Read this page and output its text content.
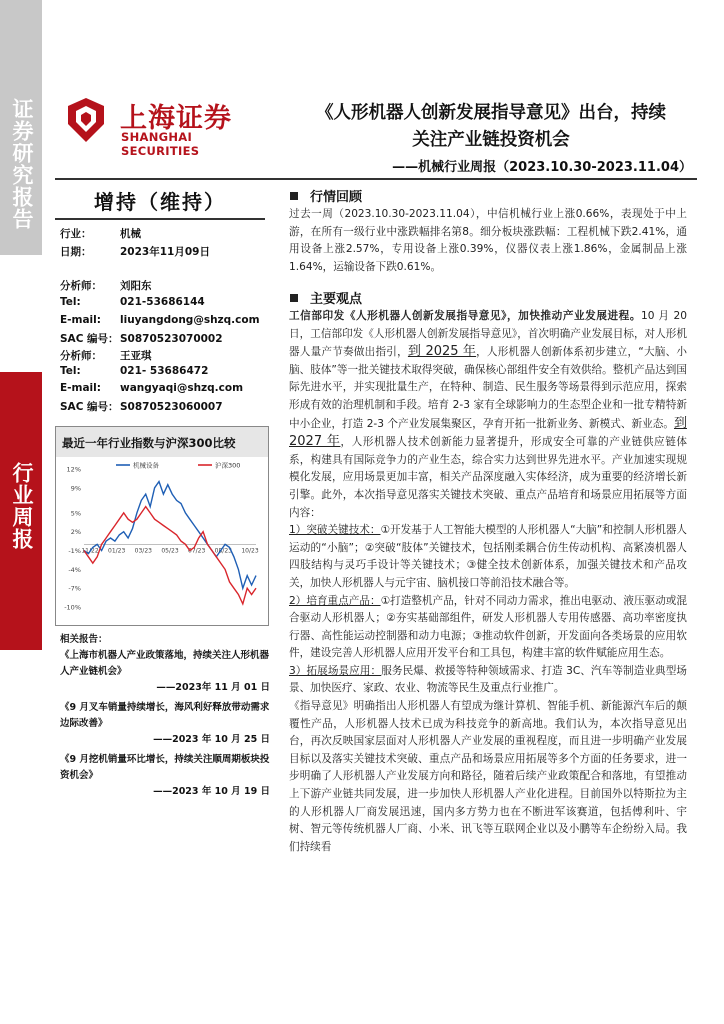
证券研究报告
行业周报
上海证券
SHANGHAI SECURITIES
《人形机器人创新发展指导意见》出台，持续
关注产业链投资机会
——机械行业周报（2023.10.30-2023.11.04）
增持（维持）
行业：	机械
日期：	2023年11月09日
分析师： 刘阳东
Tel:	021-53686144
E-mail: liuyangdong@shzq.com
SAC 编号：S0870523070002
分析师： 王亚琪
Tel:	021- 53686472
E-mail: wangyaqi@shzq.com
SAC 编号：S0870523060007
最近一年行业指数与沪深300比较
12%
9%
5%
2%
-1%
-4%
-7%
-10%
11/22 01/23 03/23 05/23 07/23 08/23 10/23
机械设备	沪深300
相关报告：
《上海市机器人产业政策落地，持续关注人形机器人产业链机会》
——2023年 11 月 01 日
《9 月叉车销量持续增长，海风利好释放带动需求边际改善》
——2023 年 10 月 25 日
《9 月挖机销量环比增长，持续关注顺周期板块投资机会》
——2023 年 10 月 19 日
行情回顾
过去一周（2023.10.30-2023.11.04），中信机械行业上涨0.66%，表现处于中上游，在所有一级行业中涨跌幅排名第8。细分板块涨跌幅：工程机械下跌2.41%，通用设备上涨2.57%，专用设备上涨0.39%，仪器仪表上涨1.86%，金属制品上涨1.64%，运输设备下跌0.61%。
主要观点

工信部印发《人形机器人创新发展指导意见》，加快推动产业发展进程。10 月 20 日，工信部印发《人形机器人创新发展指导意见》，首次明确产业发展目标，对人形机器人量产节奏做出指引，到 2025 年，人形机器人创新体系初步建立，“大脑、小脑、肢体”等一批关键技术取得突破，确保核心部组件安全有效供给。整机产品达到国际先进水平，并实现批量生产，在特种、制造、民生服务等场景得到示范应用，探索形成有效的治理机制和手段。培育 2-3 家有全球影响力的生态型企业和一批专精特新中小企业，打造 2-3 个产业发展集聚区，孕育开拓一批新业务、新模式、新业态。到 2027 年，人形机器人技术创新能力显著提升，形成安全可靠的产业链供应链体系，构建具有国际竞争力的产业生态，综合实力达到世界先进水平。产业加速实现规模化发展，应用场景更加丰富，相关产品深度融入实体经济，成为重要的经济增长新引擎。此外，本次指导意见落实关键技术突破、重点产品培育和场景应用拓展等方面内容：

1）突破关键技术：①开发基于人工智能大模型的人形机器人“大脑”和控制人形机器人运动的“小脑”；②突破“肢体”关键技术，包括刚柔耦合仿生传动机构、高紧凑机器人四肢结构与灵巧手设计等关键技术；③健全技术创新体系，加强关键技术和产品攻关，加快人形机器人与元宇宙、脑机接口等前沿技术融合等。

2）培育重点产品：①打造整机产品，针对不同动力需求，推出电驱动、液压驱动或混合驱动人形机器人；②夯实基础部组件，研发人形机器人专用传感器、高功率密度执行器、高性能运动控制器和动力电源；③推动软件创新，开发面向各类场景的应用软件，建设完善人形机器人应用开发平台和工具包，构建丰富的软件赋能应用生态。

3）拓展场景应用：服务民爆、救援等特种领域需求、打造 3C、汽车等制造业典型场景、加快医疗、家政、农业、物流等民生及重点行业推广。

《指导意见》明确指出人形机器人有望成为继计算机、智能手机、新能源汽车后的颠覆性产品，人形机器人技术已成为科技竞争的新高地。我们认为，本次指导意见出台，再次反映国家层面对人形机器人产业发展的重视程度，而且进一步明确产业发展目标以及落实关键技术突破、重点产品和场景应用拓展等多个方面的任务要求，进一步明确了人形机器人产业发展方向和路径，随着后续产业政策配合和落地，有望推动上下游产业链共同发展，进一步加快人形机器人产业化进程。目前国外以特斯拉为主的人形机器人厂商发展迅速，国内多方势力也在不断进军该赛道，包括傅利叶、宇树、智元等传统机器人厂商、小米、讯飞等互联网企业以及小鹏等车企纷纷入局。我们持续看
